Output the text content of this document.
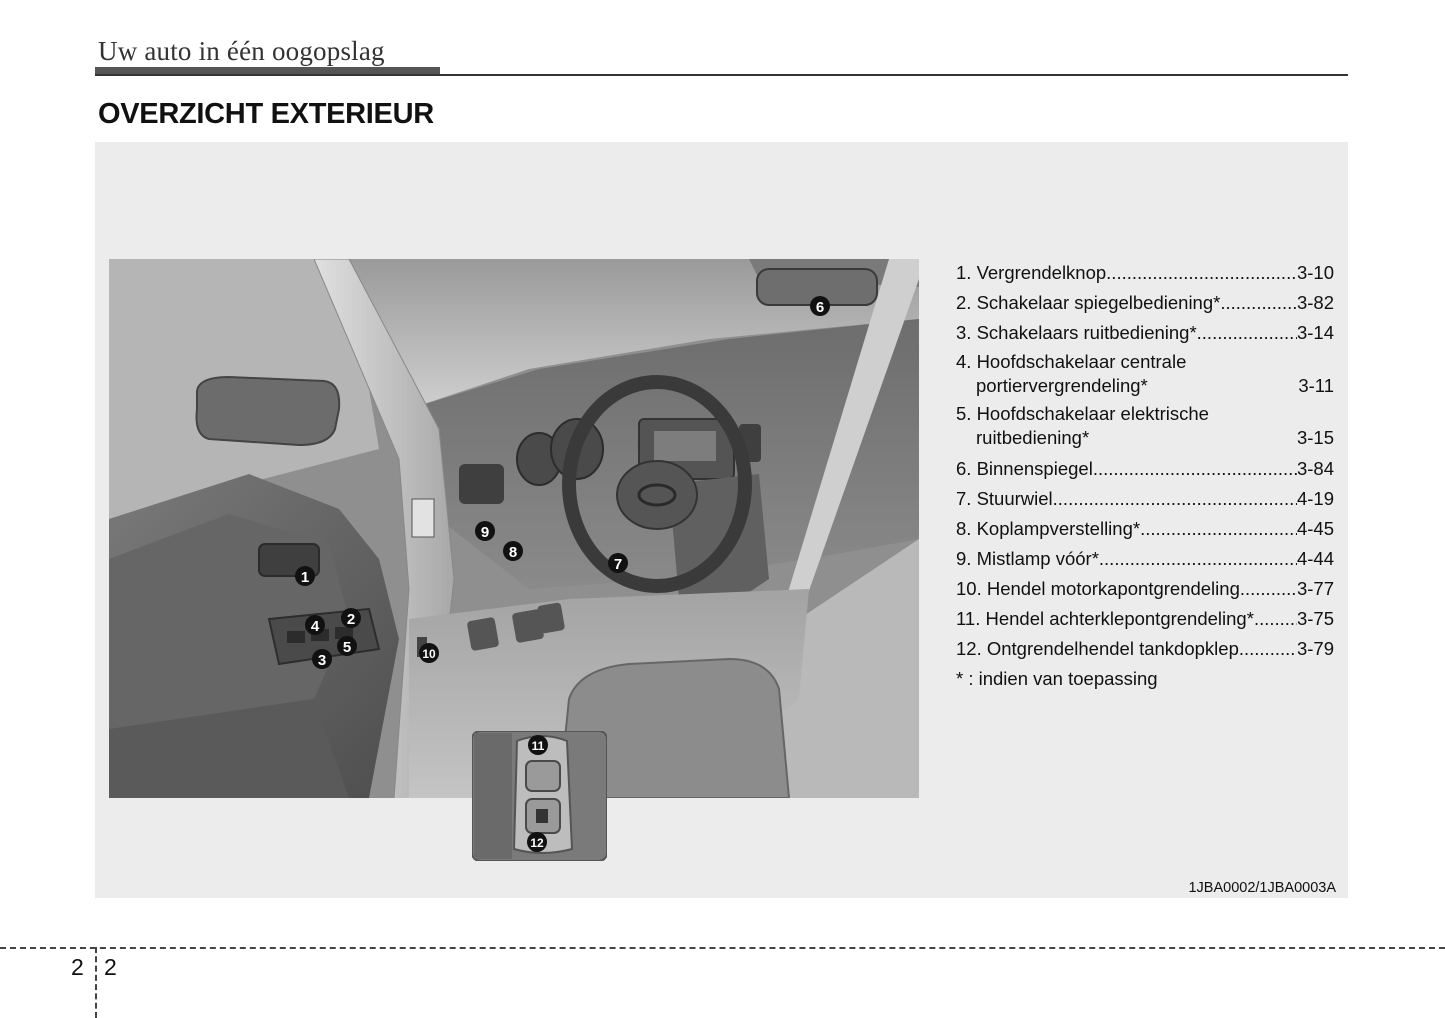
Uw auto in één oogopslag
OVERZICHT EXTERIEUR
1
2
3
4
5
6
7
8
9
10
11
12
1. Vergrendelknop .....	3-10
2. Schakelaar spiegelbediening* .....	3-82
3. Schakelaars ruitbediening* .....	3-14
4. Hoofdschakelaar centrale
portiervergrendeling*	3-11
5. Hoofdschakelaar elektrische
ruitbediening*	3-15
6. Binnenspiegel .....	3-84
7. Stuurwiel .....	4-19
8. Koplampverstelling* .....	4-45
9. Mistlamp vóór* .....	4-44
10. Hendel motorkapontgrendeling .....	3-77
11. Hendel achterklepontgrendeling* ..... 3-75
12. Ontgrendelhendel tankdopklep .....	3-79
* : indien van toepassing
1JBA0002/1JBA0003A
2 2
